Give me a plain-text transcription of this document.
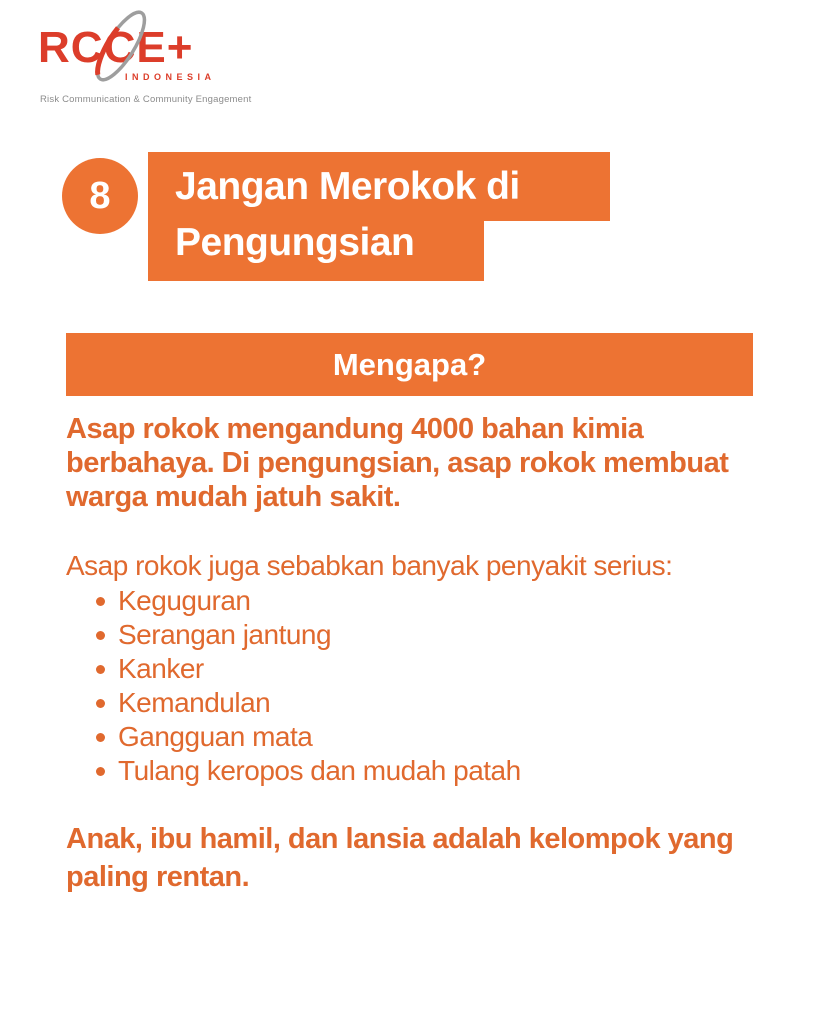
RCC
E+
INDONESIA
Risk Communication & Community Engagement
8 Jangan Merokok di
Pengungsian
Mengapa?

Asap rokok mengandung 4000 bahan kimia berbahaya. Di pengungsian, asap rokok membuat warga mudah jatuh sakit.

Asap rokok juga sebabkan banyak penyakit serius:

Keguguran
Serangan jantung
Kanker
Kemandulan
Gangguan mata
Tulang keropos dan mudah patah

Anak, ibu hamil, dan lansia adalah kelompok yang paling rentan.
